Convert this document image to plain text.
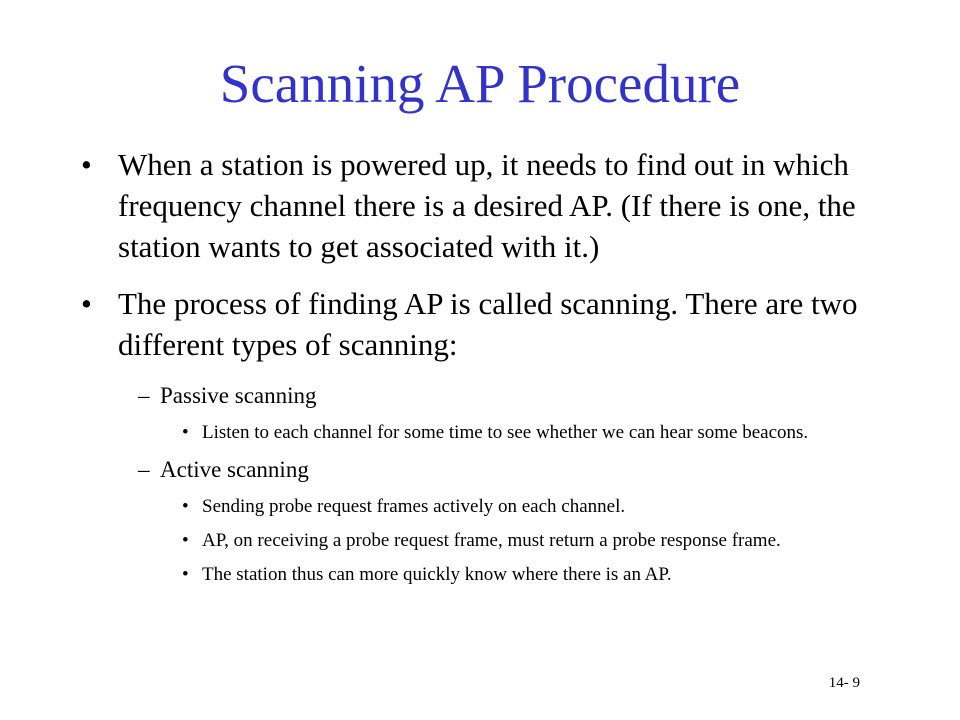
Scanning AP Procedure
• When a station is powered up, it needs to find out in which frequency channel there is a desired AP. (If there is one, the station wants to get associated with it.)
• The process of finding AP is called scanning. There are two different types of scanning:
– Passive scanning
• Listen to each channel for some time to see whether we can hear some beacons.
– Active scanning
• Sending probe request frames actively on each channel.
• AP, on receiving a probe request frame, must return a probe response frame.
• The station thus can more quickly know where there is an AP.
14- 9
